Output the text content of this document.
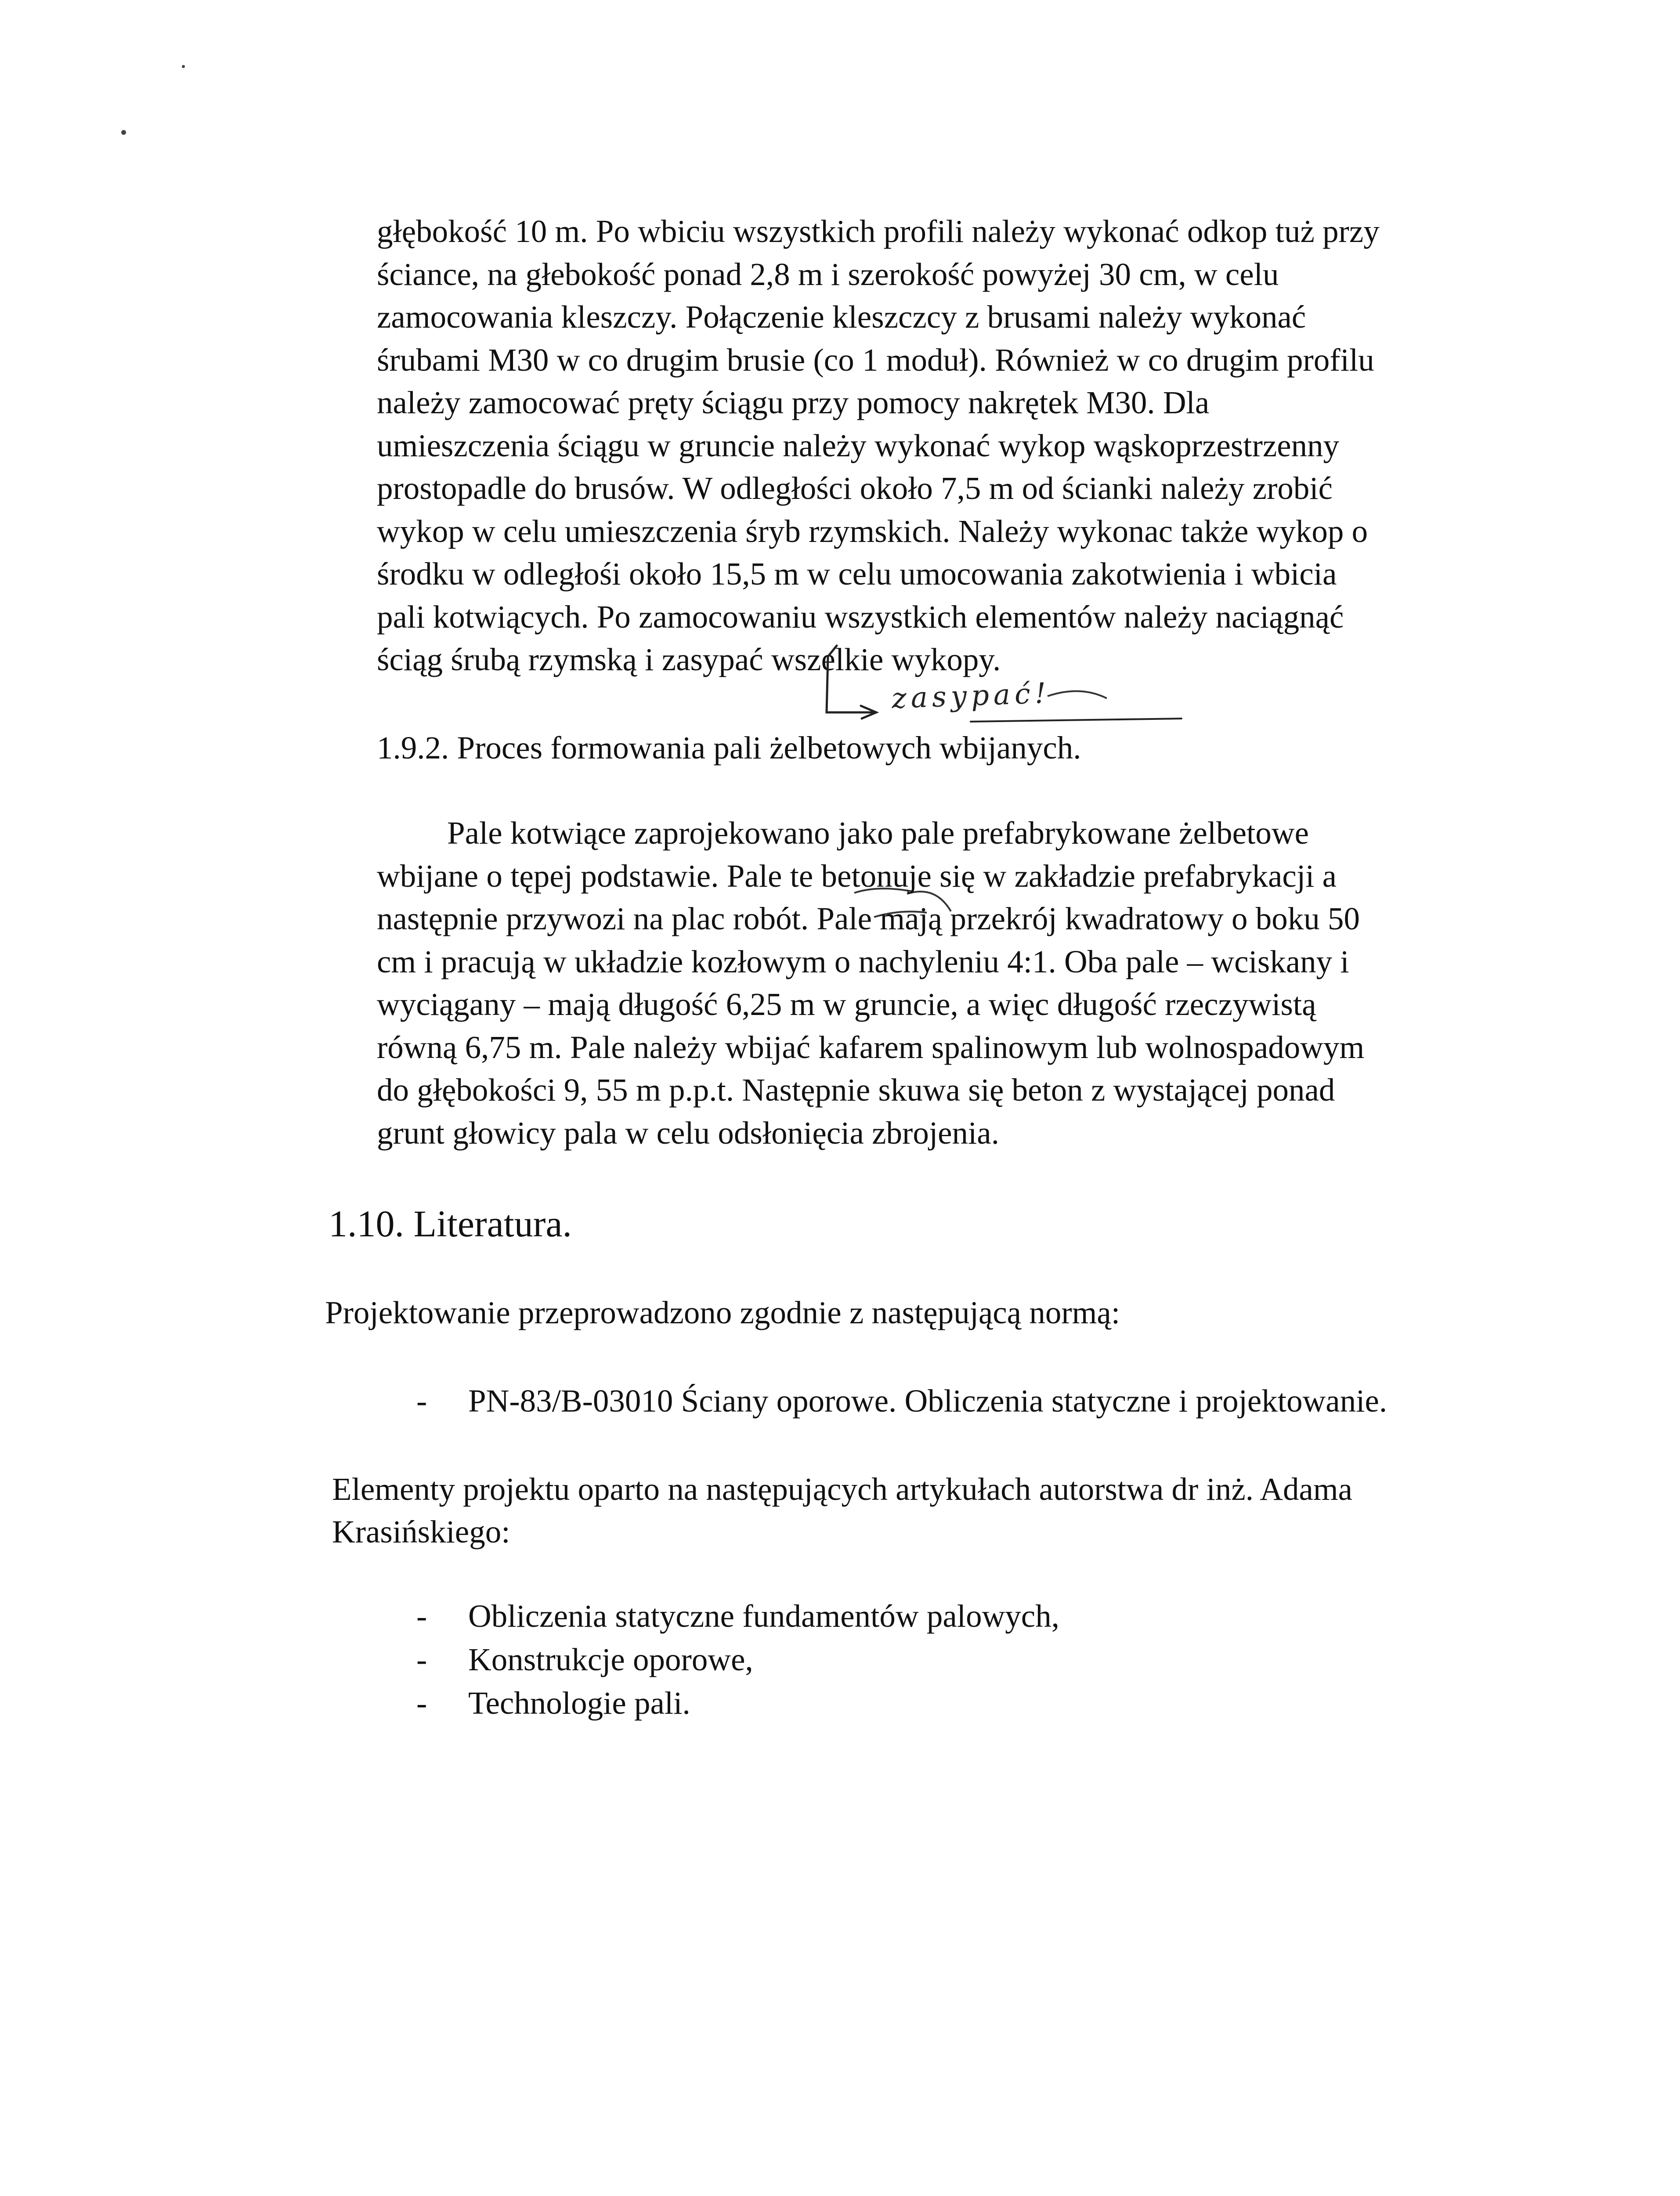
głębokość 10 m. Po wbiciu wszystkich profili należy wykonać odkop tuż przy
ściance, na głebokość ponad 2,8 m i szerokość powyżej 30 cm, w celu
zamocowania kleszczy. Połączenie kleszczcy z brusami należy wykonać
śrubami M30 w co drugim brusie (co 1 moduł). Również w co drugim profilu
należy zamocować pręty ściągu przy pomocy nakrętek M30. Dla
umieszczenia ściągu w gruncie należy wykonać wykop wąskoprzestrzenny
prostopadle do brusów. W odległości około 7,5 m od ścianki należy zrobić
wykop w celu umieszczenia śryb rzymskich. Należy wykonac także wykop o
środku w odległośi około 15,5 m w celu umocowania zakotwienia i wbicia
pali kotwiących. Po zamocowaniu wszystkich elementów należy naciągnąć
ściąg śrubą rzymską i zasypać wszelkie wykopy.

zasypać!

1.9.2. Proces formowania pali żelbetowych wbijanych.

Pale kotwiące zaprojekowano jako pale prefabrykowane żelbetowe
wbijane o tępej podstawie. Pale te betonuje się w zakładzie prefabrykacji a
następnie przywozi na plac robót. Pale mają przekrój kwadratowy o boku 50
cm i pracują w układzie kozłowym o nachyleniu 4:1. Oba pale – wciskany i
wyciągany – mają długość 6,25 m w gruncie, a więc długość rzeczywistą
równą 6,75 m. Pale należy wbijać kafarem spalinowym lub wolnospadowym
do głębokości 9, 55 m p.p.t. Następnie skuwa się beton z wystającej ponad
grunt głowicy pala w celu odsłonięcia zbrojenia.

1.10. Literatura.

Projektowanie przeprowadzono zgodnie z następującą normą:

- PN-83/B-03010 Ściany oporowe. Obliczenia statyczne i projektowanie.

Elementy projektu oparto na następujących artykułach autorstwa dr inż. Adama
Krasińskiego:

- Obliczenia statyczne fundamentów palowych,
- Konstrukcje oporowe,
- Technologie pali.
